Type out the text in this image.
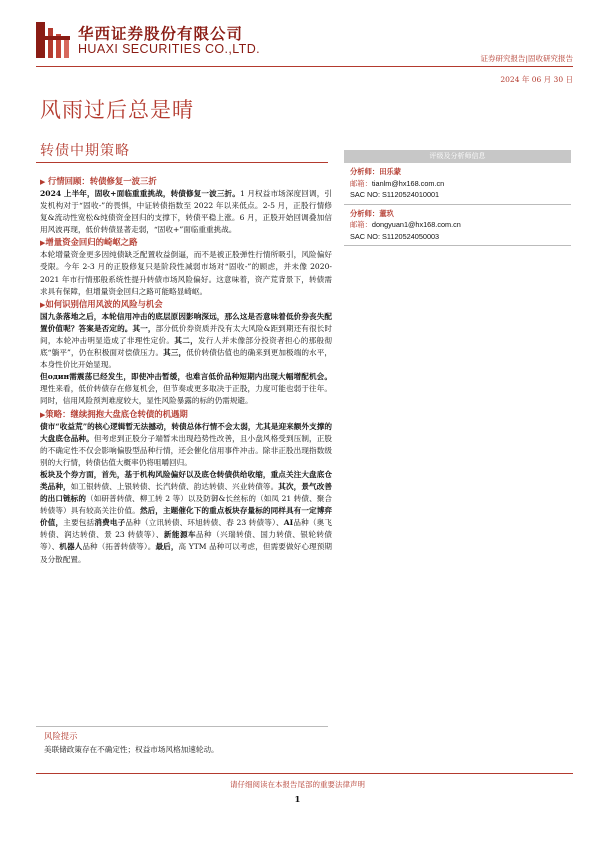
华西证券股份有限公司
HUAXI SECURITIES CO.,LTD.
证券研究报告|固收研究报告
2024 年 06 月 30 日
风雨过后总是晴
转债中期策略	评级及分析师信息
分析师：田乐蒙
邮箱：tianlm@hx168.com.cn
SAC NO: S1120524010001
分析师：董玖
邮箱：dongyuan1@hx168.com.cn
SAC NO: S1120524050003
▶ 行情回顾：转债修复一波三折

2024 上半年，固收+面临重重挑战，转债修复一波三折。1 月权益市场深度回调，引发机构对于“固收-”的畏惧，中证转债指数至 2022 年以来低点。2-5 月，正股行情修复&流动性宽松&纯债资金回归的支撑下，转债平稳上涨。6 月，正股开始回调叠加信用风波再现，低价转债显著走弱，“固收+”面临重重挑战。

▶增量资金回归的崎岖之路

本轮增量资金更多因纯债缺乏配置收益倒逼，而不是被正股弹性行情所吸引，风险偏好受限。今年 2-3 月的正股修复只是阶段性减弱市场对“固收-”的顾虑，并未像 2020-2021 年市行情那般系统性提升转债市场风险偏好。这意味着，资产荒背景下，转债需求具有保障，但增量资金回归之路可能略显崎岖。

▶如何识别信用风波的风险与机会

国九条落地之后，本轮信用冲击的底层原因影响深远，那么这是否意味着低价券丧失配置价值呢？答案是否定的。其一，部分低价券资质并没有太大风险&距到期还有很长时间，本轮冲击明显造成了非理性定价。其二，发行人并未像部分投资者担心的那般彻底“躺平”，仍在积极面对偿债压力。其三，低价转债估值也的确来到更加极端的水平，本身性价比开始显现。

但один需震荡已经发生，即使冲击暂缓，也难言低价品种短期内出现大幅增配机会。理性来看，低价转债存在修复机会，但节奏或更多取决于正股，力度可能也弱于往年。同时，信用风险预判难度较大，显性风险暴露的标的仍需规避。

▶策略：继续拥抱大盘底仓转债的机遇期

债市“收益荒”的核心逻辑暂无法撼动，转债总体行情不会太弱，尤其是迎来额外支撑的大盘底仓品种。但考虑到正股分子端暂未出现趋势性改善，且小盘风格受到压制，正股的不确定性不仅会影响偏股型品种行情，还会催化信用事件冲击。除非正股出现指数级别的大行情，转债估值大概率仍将咀嚼回归。

板块及个券方面，首先，基于机构风险偏好以及底仓转债供给收缩，重点关注大盘底仓类品种，如工银转债、上银转债、长汽转债、韵达转债、兴业转债等。其次，景气改善的出口链标的（如研普转债、柳工转 2 等）以及防御&长丝标的（如凤 21 转债、聚合转债等）具有较高关注价值。然后，主题催化下的重点板块存量标的同样具有一定博弈价值，主要包括消费电子品种（立讯转债、环旭转债、春 23 转债等）、AI品种（奥飞转债、润达转债、景 23 转债等）、新能源车品种（兴瑞转债、国力转债、银轮转债等）、机器人品种（拓普转债等）。最后，高 YTM 品种可以考虑，但需要做好心理预期及分散配置。

风险提示
美联储政策存在不确定性；权益市场风格加速轮动。
请仔细阅读在本报告尾部的重要法律声明
1
